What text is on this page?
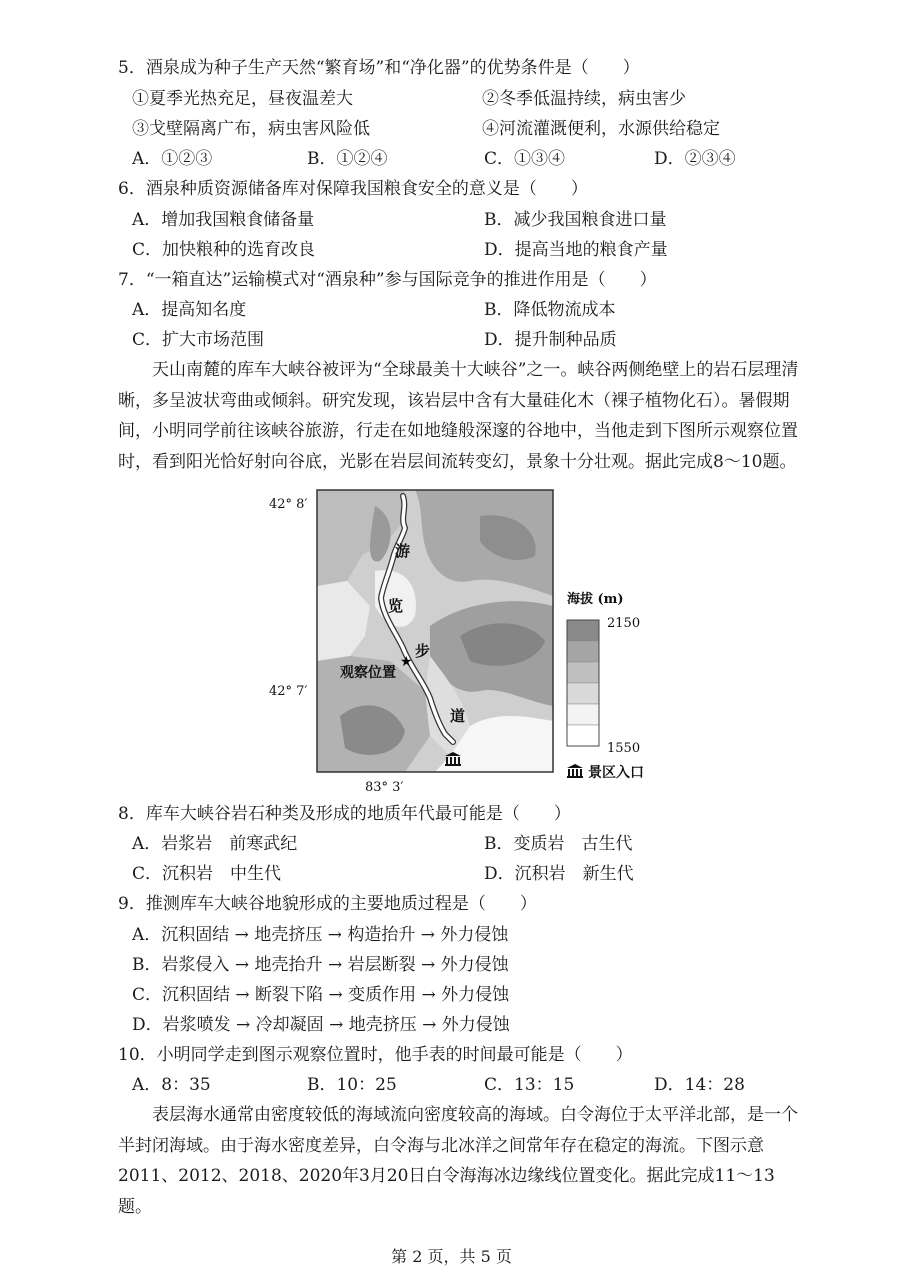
5．酒泉成为种子生产天然“繁育场”和“净化器”的优势条件是（　　）
①夏季光热充足，昼夜温差大	②冬季低温持续，病虫害少
③戈壁隔离广布，病虫害风险低	④河流灌溉便利，水源供给稳定
A．①②③	B．①②④	C．①③④	D．②③④
6．酒泉种质资源储备库对保障我国粮食安全的意义是（　　）
A．增加我国粮食储备量	B．减少我国粮食进口量
C．加快粮种的选育改良	D．提高当地的粮食产量
7．“一箱直达”运输模式对“酒泉种”参与国际竞争的推进作用是（　　）
A．提高知名度	B．降低物流成本
C．扩大市场范围	D．提升制种品质
天山南麓的库车大峡谷被评为“全球最美十大峡谷”之一。峡谷两侧绝壁上的岩石层理清晰，多呈波状弯曲或倾斜。研究发现，该岩层中含有大量硅化木（裸子植物化石）。暑假期间，小明同学前往该峡谷旅游，行走在如地缝般深邃的谷地中，当他走到下图所示观察位置时，看到阳光恰好射向谷底，光影在岩层间流转变幻，景象十分壮观。据此完成8～10题。
游
览
步
道
★
观察位置
42° 8′
42° 7′
83° 3′
海拔 (m)
2150
1550
景区入口
8．库车大峡谷岩石种类及形成的地质年代最可能是（　　）
A．岩浆岩　前寒武纪	B．变质岩　古生代
C．沉积岩　中生代	D．沉积岩　新生代
9．推测库车大峡谷地貌形成的主要地质过程是（　　）
A．沉积固结 → 地壳挤压 → 构造抬升 → 外力侵蚀
B．岩浆侵入 → 地壳抬升 → 岩层断裂 → 外力侵蚀
C．沉积固结 → 断裂下陷 → 变质作用 → 外力侵蚀
D．岩浆喷发 → 冷却凝固 → 地壳挤压 → 外力侵蚀
10．小明同学走到图示观察位置时，他手表的时间最可能是（　　）
A．8：35	B．10：25	C．13：15	D．14：28
表层海水通常由密度较低的海域流向密度较高的海域。白令海位于太平洋北部，是一个半封闭海域。由于海水密度差异，白令海与北冰洋之间常年存在稳定的海流。下图示意2011、2012、2018、2020年3月20日白令海海冰边缘线位置变化。据此完成11～13题。
第 2 页，共 5 页
